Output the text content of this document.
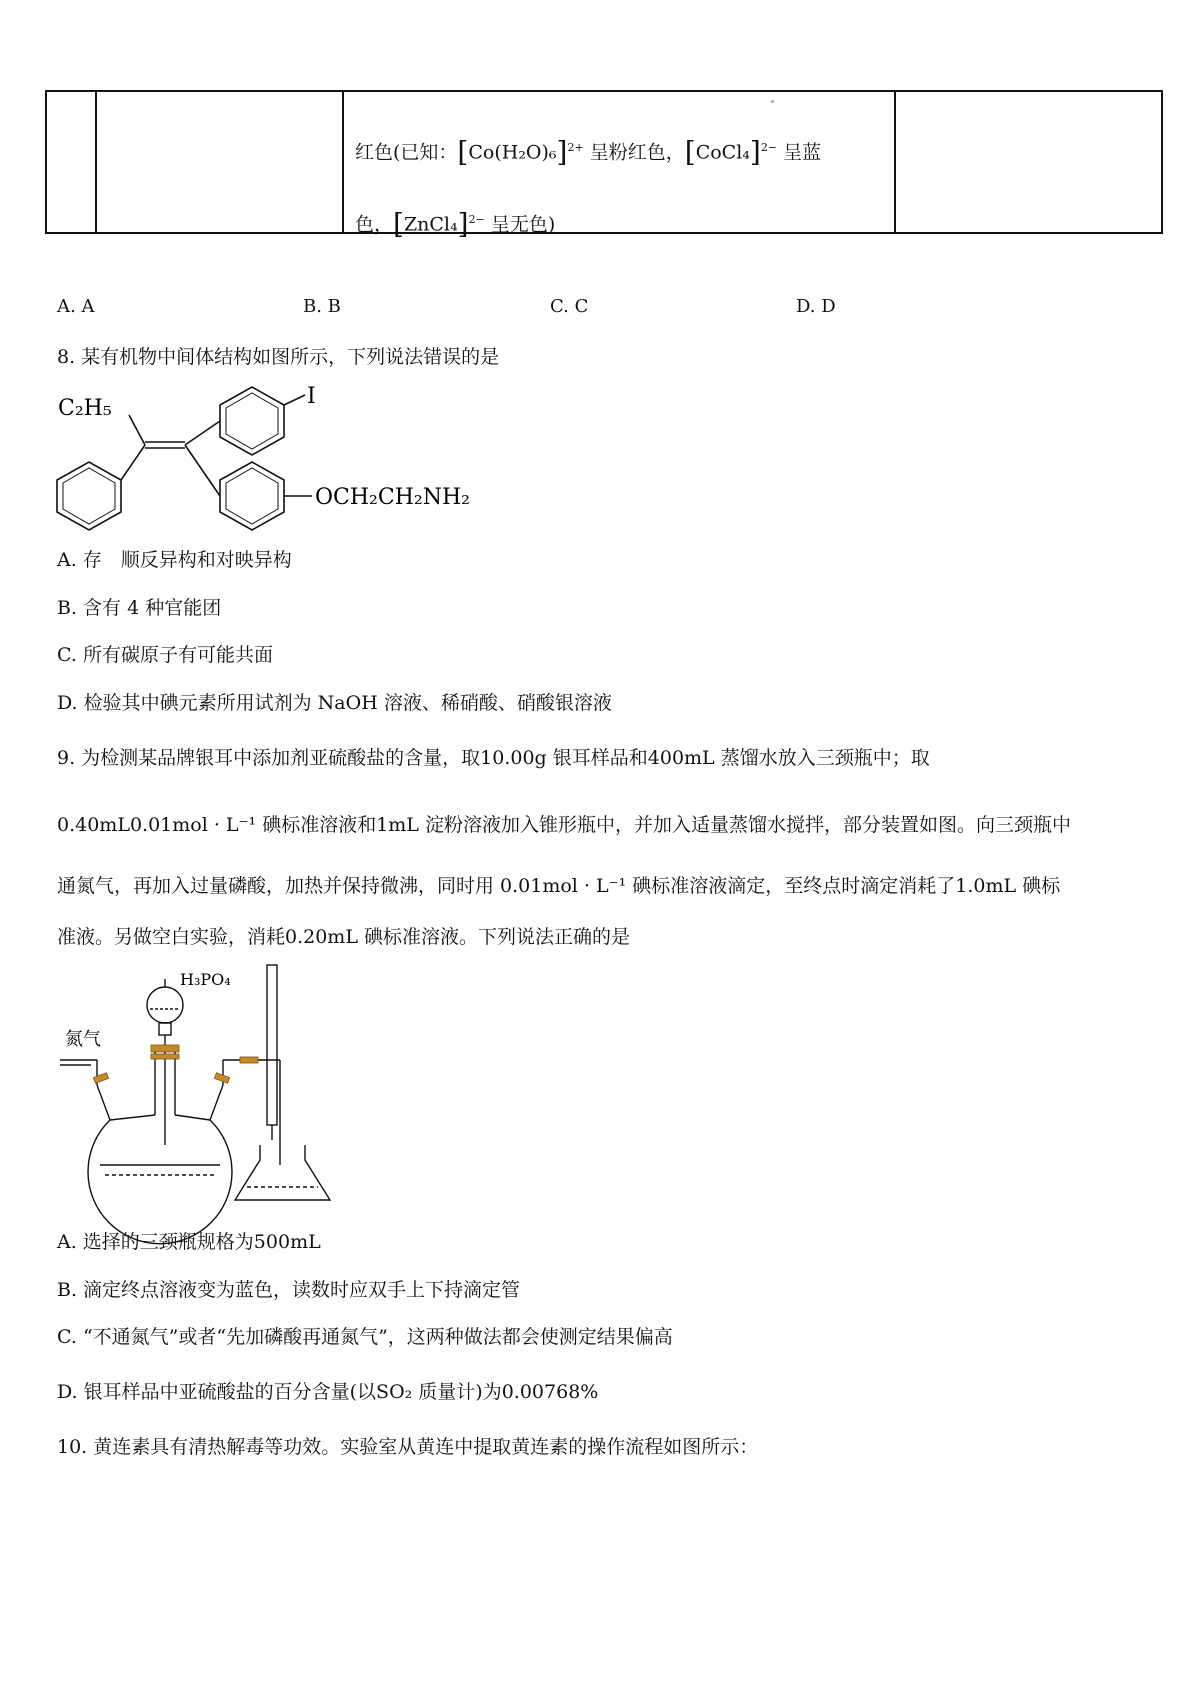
红色(已知：$[Co(H_2O)_6]^{2+}$ 呈粉红色，[CoCl₄]$^{2-}$ 呈蓝
色，[ZnCl₄]$^{2-}$ 呈无色)
A. A	B. B	C. C	D. D
8. 某有机物中间体结构如图所示，下列说法错误的是
C₂H₅	I
OCH₂CH₂NH₂
A. 存　顺反异构和对映异构
B. 含有 4 种官能团
C. 所有碳原子有可能共面
D. 检验其中碘元素所用试剂为 NaOH 溶液、稀硝酸、硝酸银溶液
9. 为检测某品牌银耳中添加剂亚硫酸盐的含量，取10.00g 银耳样品和400mL 蒸馏水放入三颈瓶中；取
0.40mL0.01mol · L⁻¹ 碘标准溶液和1mL 淀粉溶液加入锥形瓶中，并加入适量蒸馏水搅拌，部分装置如图。向三颈瓶中
通氮气，再加入过量磷酸，加热并保持微沸，同时用 0.01mol · L⁻¹ 碘标准溶液滴定，至终点时滴定消耗了1.0mL 碘标
准液。另做空白实验，消耗0.20mL 碘标准溶液。下列说法正确的是
H₃PO₄
氮气
A. 选择的三颈瓶规格为500mL
B. 滴定终点溶液变为蓝色，读数时应双手上下持滴定管
C. “不通氮气”或者“先加磷酸再通氮气”，这两种做法都会使测定结果偏高
D. 银耳样品中亚硫酸盐的百分含量(以SO₂ 质量计)为0.00768%
10. 黄连素具有清热解毒等功效。实验室从黄连中提取黄连素的操作流程如图所示：
